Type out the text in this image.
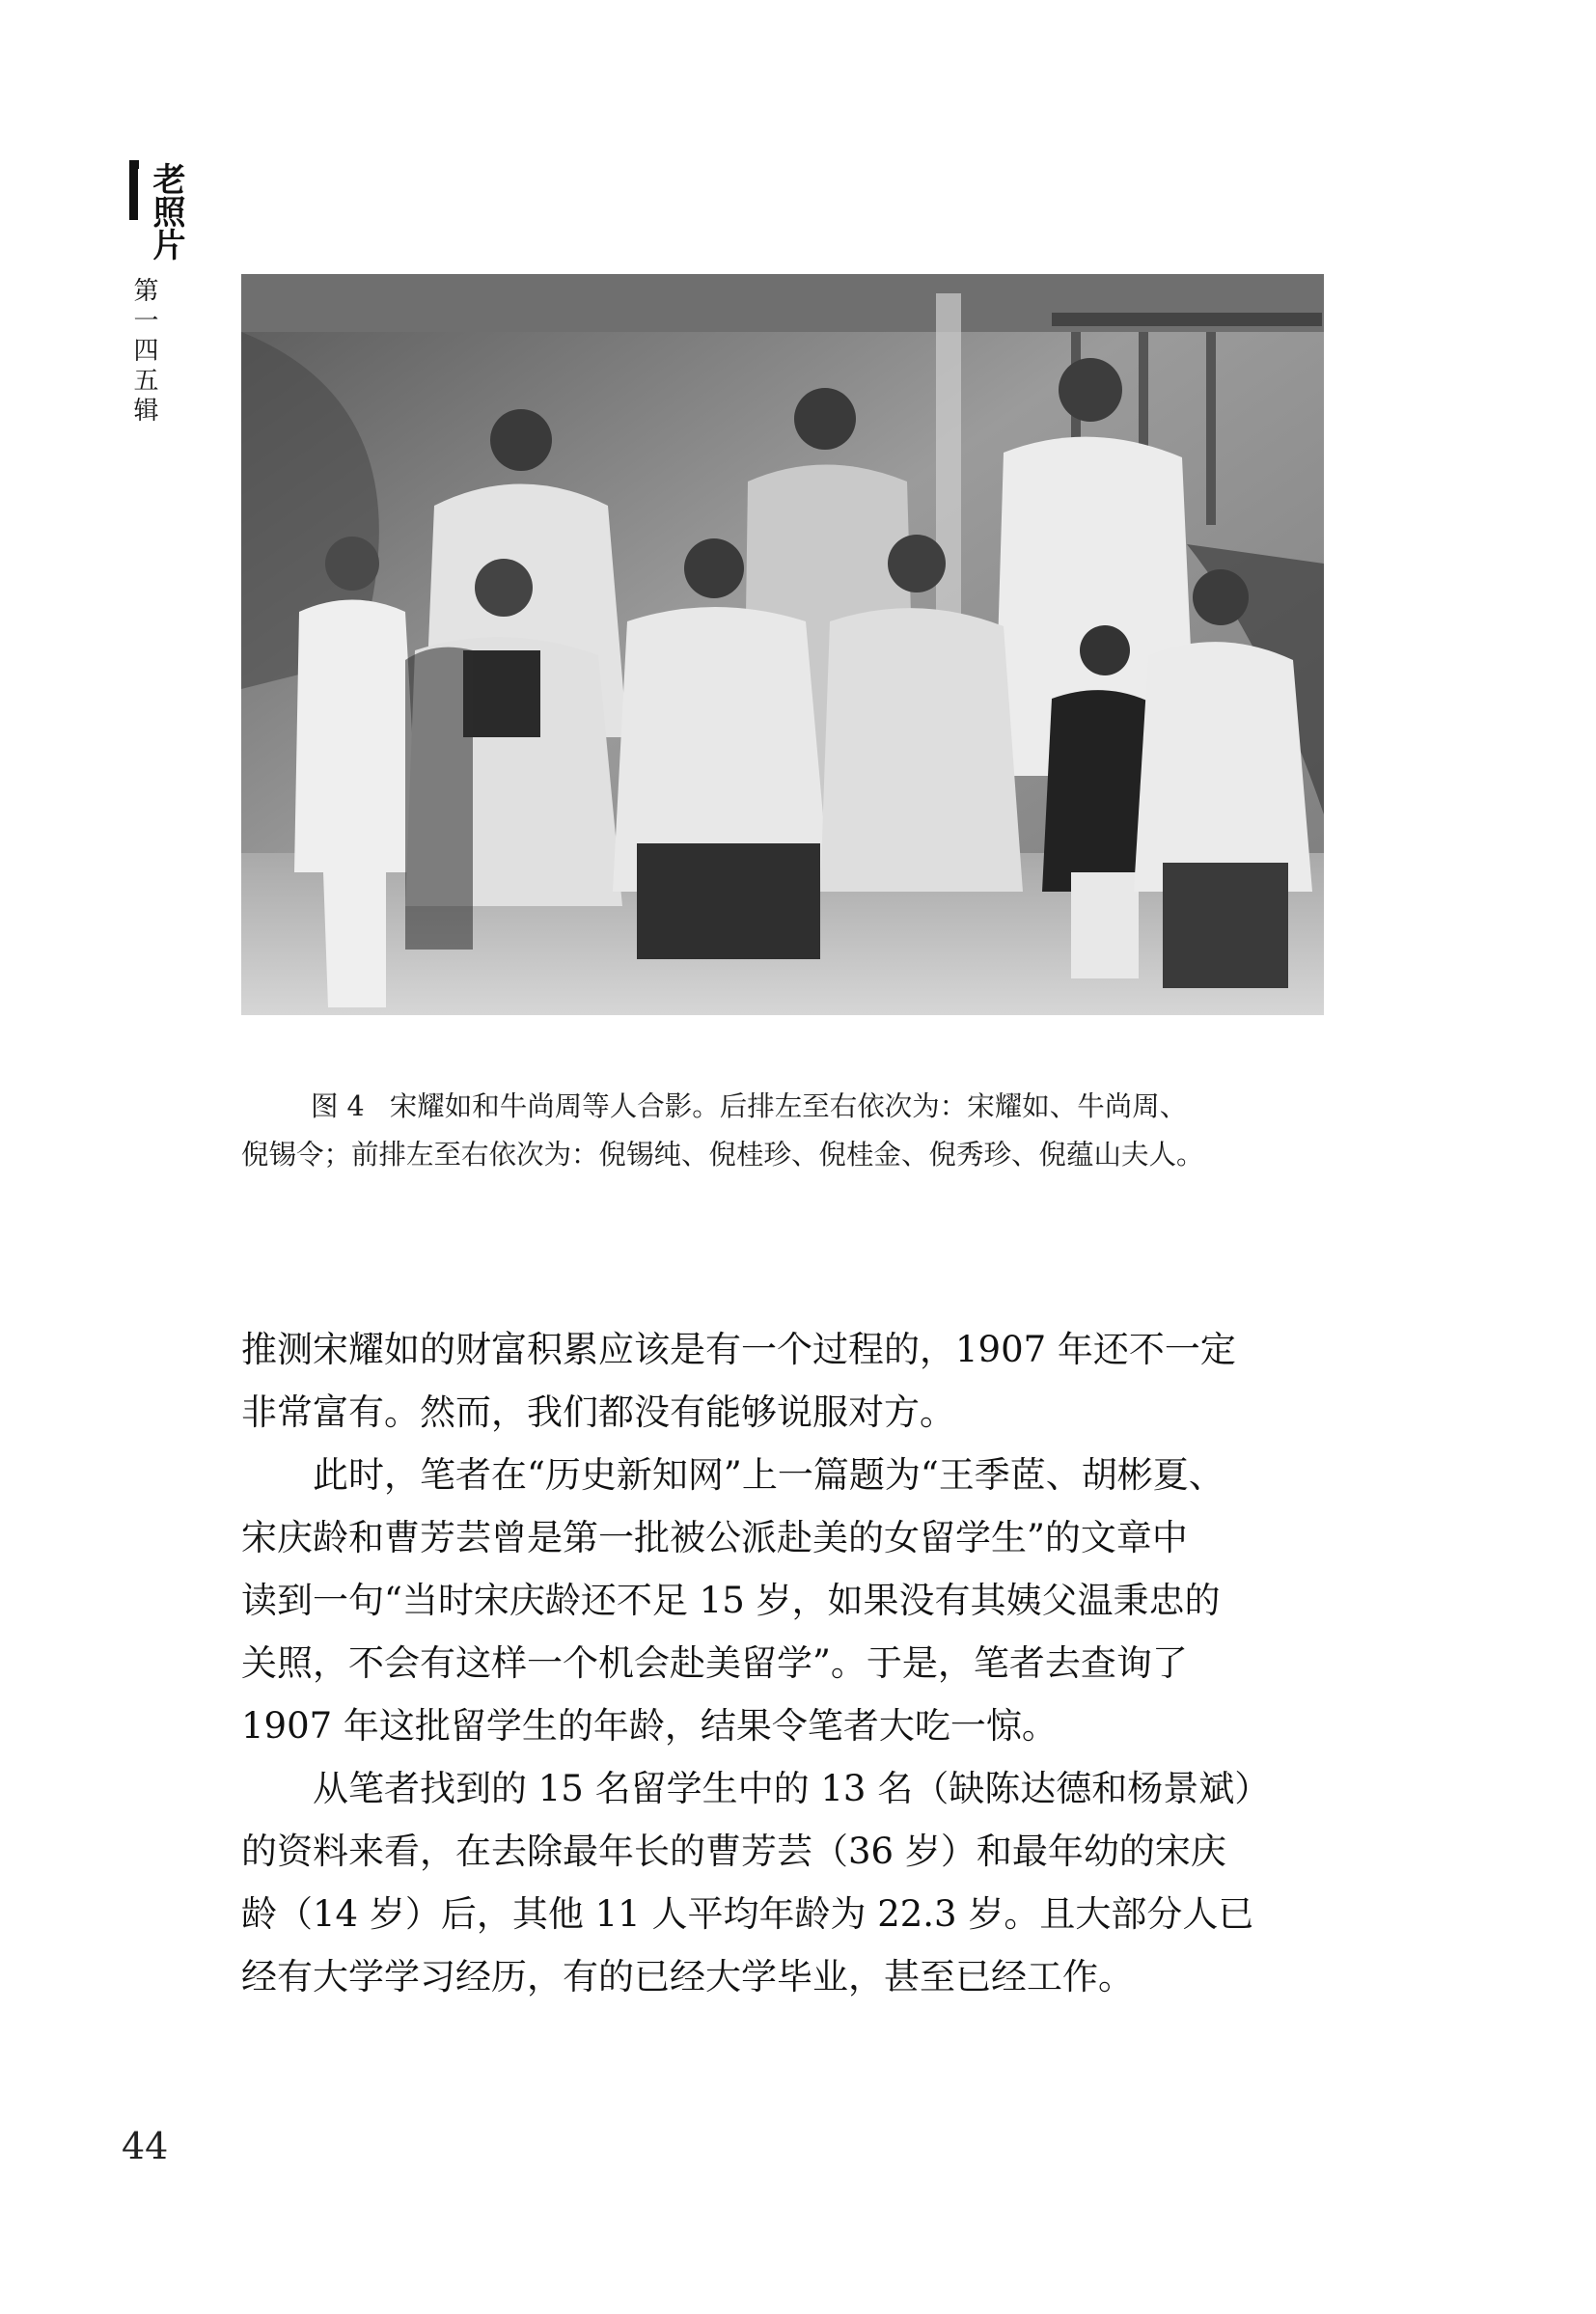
老照片
第一四五辑
图 4 宋耀如和牛尚周等人合影。后排左至右依次为：宋耀如、牛尚周、
倪锡令；前排左至右依次为：倪锡纯、倪桂珍、倪桂金、倪秀珍、倪蕴山夫人。

推测宋耀如的财富积累应该是有一个过程的，1907 年还不一定
非常富有。然而，我们都没有能够说服对方。

此时，笔者在“历史新知网”上一篇题为“王季茝、胡彬夏、
宋庆龄和曹芳芸曾是第一批被公派赴美的女留学生”的文章中
读到一句“当时宋庆龄还不足 15 岁，如果没有其姨父温秉忠的
关照，不会有这样一个机会赴美留学”。于是，笔者去查询了
1907 年这批留学生的年龄，结果令笔者大吃一惊。

从笔者找到的 15 名留学生中的 13 名（缺陈达德和杨景斌）
的资料来看，在去除最年长的曹芳芸（36 岁）和最年幼的宋庆
龄（14 岁）后，其他 11 人平均年龄为 22.3 岁。且大部分人已
经有大学学习经历，有的已经大学毕业，甚至已经工作。

44
